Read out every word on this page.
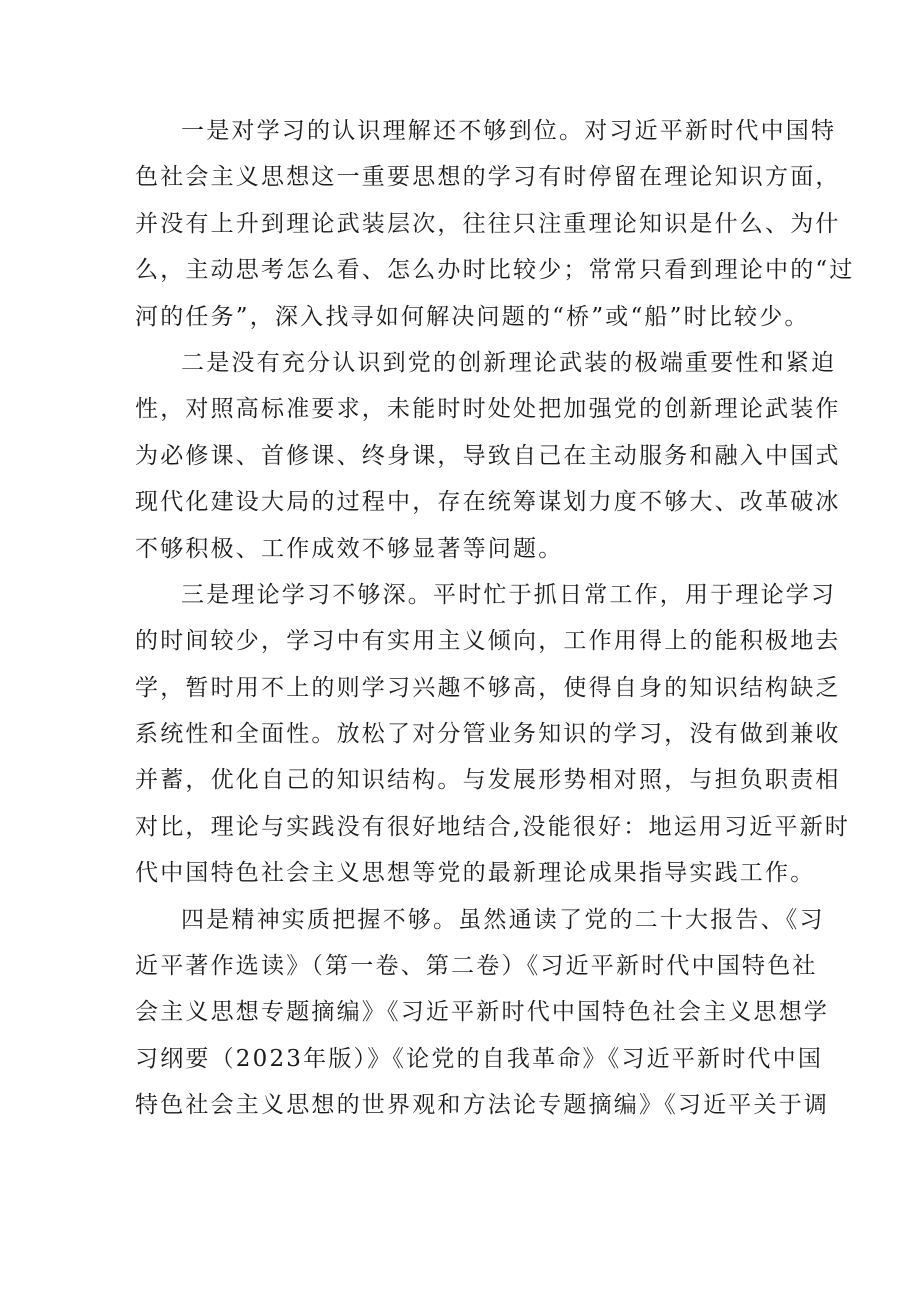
一是对学习的认识理解还不够到位。对习近平新时代中国特
色社会主义思想这一重要思想的学习有时停留在理论知识方面，
并没有上升到理论武装层次，往往只注重理论知识是什么、为什
么，主动思考怎么看、怎么办时比较少；常常只看到理论中的“过
河的任务”，深入找寻如何解决问题的“桥”或“船”时比较少。
二是没有充分认识到党的创新理论武装的极端重要性和紧迫
性，对照高标准要求，未能时时处处把加强党的创新理论武装作
为必修课、首修课、终身课，导致自己在主动服务和融入中国式
现代化建设大局的过程中，存在统筹谋划力度不够大、改革破冰
不够积极、工作成效不够显著等问题。
三是理论学习不够深。平时忙于抓日常工作，用于理论学习
的时间较少，学习中有实用主义倾向，工作用得上的能积极地去
学，暂时用不上的则学习兴趣不够高，使得自身的知识结构缺乏
系统性和全面性。放松了对分管业务知识的学习，没有做到兼收
并蓄，优化自己的知识结构。与发展形势相对照，与担负职责相
对比，理论与实践没有很好地结合,没能很好：地运用习近平新时
代中国特色社会主义思想等党的最新理论成果指导实践工作。
四是精神实质把握不够。虽然通读了党的二十大报告、《习
近平著作选读》（第一卷、第二卷）《习近平新时代中国特色社
会主义思想专题摘编》《习近平新时代中国特色社会主义思想学
习纲要（2023年版）》《论党的自我革命》《习近平新时代中国
特色社会主义思想的世界观和方法论专题摘编》《习近平关于调
